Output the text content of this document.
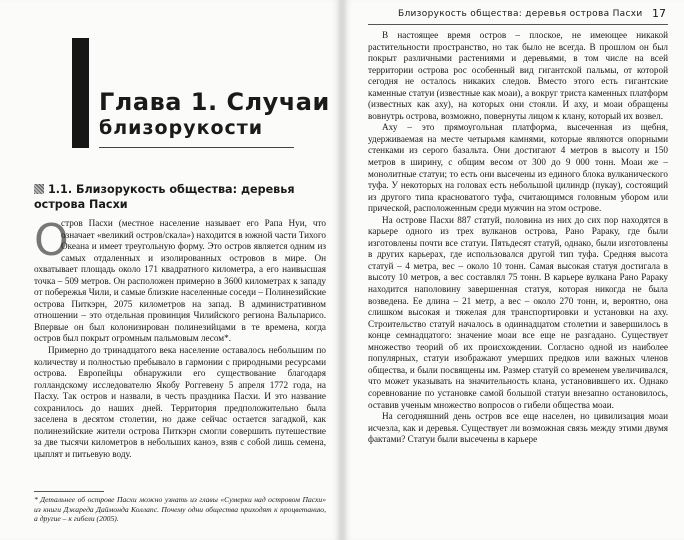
Глава 1. Случаи
близорукости
1.1. Близорукость общества: деревья острова Пасхи

О
стров Пасхи (местное население называет его Рапа Нуи, что означает «великий остров/скала») находится в южной части Тихого Океана и имеет треугольную форму. Это остров является одним из самых отдаленных и изолированных островов в мире. Он охватывает площадь около 171 квадратного километра, а его наивысшая точка – 509 метров. Он расположен примерно в 3600 километрах к западу от побережья Чили, и самые близкие населенные соседи – Полинезийские острова Питкэрн, 2075 километров на запад. В административном отношении – это отдельная провинция Чилийского региона Вальпарисо. Впервые он был колонизирован полинезийцами в те времена, когда остров был покрыт огромным пальмовым лесом*.

Примерно до тринадцатого века население оставалось небольшим по количеству и полностью пребывало в гармонии с природными ресурсами острова. Европейцы обнаружили его существование благодаря голландскому исследователю Якобу Роггевену 5 апреля 1772 года, на Пасху. Так остров и назвали, в честь праздника Пасхи. И это название сохранилось до наших дней. Территория предположительно была заселена в десятом столетии, но даже сейчас остается загадкой, как полинезийские жители острова Питкэрн смогли совершить путешествие за две тысячи километров в небольших каноэ, взяв с собой лишь семена, цыплят и питьевую воду.

* Детальнее об острове Пасхи можно узнать из главы «Сумерки над островом Пасхи» из книги Джареда Даймонда Коллапс. Почему одни общества приходят к процветанию, а другие – к гибели (2005).

Близорукость общества: деревья острова Пасхи 17

В настоящее время остров – плоское, не имеющее никакой растительности пространство, но так было не всегда. В прошлом он был покрыт различными растениями и деревьями, в том числе на всей территории острова рос особенный вид гигантской пальмы, от которой сегодня не осталось никаких следов. Вместо этого есть гигантские каменные статуи (известные как моаи), а вокруг триста каменных платформ (известных как аху), на которых они стояли. И аху, и моаи обращены вовнутрь острова, возможно, повернуты лицом к клану, который их возвел.

Аху – это прямоугольная платформа, высеченная из щебня, удерживаемая на месте четырьмя камнями, которые являются опорными стенками из серого базальта. Они достигают 4 метров в высоту и 150 метров в ширину, с общим весом от 300 до 9 000 тонн. Моаи же – монолитные статуи; то есть они высечены из единого блока вулканического туфа. У некоторых на головах есть небольшой цилиндр (пукау), состоящий из другого типа красноватого туфа, считающимся головным убором или прической, расположенным среди мужчин на этом острове.

На острове Пасхи 887 статуй, половина из них до сих пор находятся в карьере одного из трех вулканов острова, Рано Рараку, где были изготовлены почти все статуи. Пятьдесят статуй, однако, были изготовлены в других карьерах, где использовался другой тип туфа. Средняя высота статуй – 4 метра, вес – около 10 тонн. Самая высокая статуя достигала в высоту 10 метров, а вес составлял 75 тонн. В карьере вулкана Рано Рараку находится наполовину завершенная статуя, которая никогда не была возведена. Ее длина – 21 метр, а вес – около 270 тонн, и, вероятно, она слишком высокая и тяжелая для транспортировки и установки на аху. Строительство статуй началось в одиннадцатом столетии и завершилось в конце семнадцатого: значение моаи все еще не разгадано. Существует множество теорий об их происхождении. Согласно одной из наиболее популярных, статуи изображают умерших предков или важных членов общества, и были посвящены им. Размер статуй со временем увеличивался, что может указывать на значительность клана, установившего их. Однако соревнование по установке самой большой статуи внезапно остановилось, оставив ученым множество вопросов о гибели общества моаи.

На сегодняшний день остров все еще населен, но цивилизация моаи исчезла, как и деревья. Существует ли возможная связь между этими двумя фактами? Статуи были высечены в карьере
